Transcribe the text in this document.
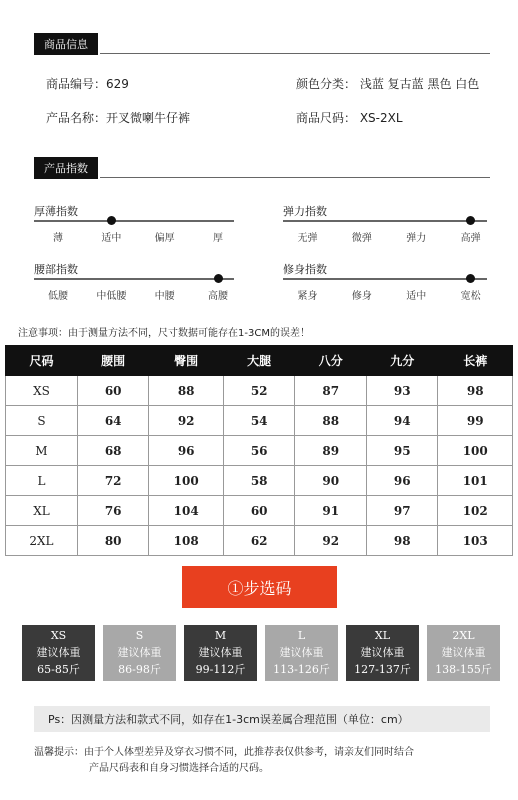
商品信息
商品编号：629	颜色分类： 浅蓝 复古蓝 黑色 白色
产品名称：开叉微喇牛仔裤	商品尺码： XS-2XL
产品指数
厚薄指数
薄	适中	偏厚	厚
弹力指数
无弹	微弹	弹力	高弹
腰部指数
低腰	中低腰	中腰	高腰
修身指数
紧身	修身	适中	宽松
注意事项：由于测量方法不同，尺寸数据可能存在1-3CM的误差！
尺码	腰围	臀围	大腿	八分	九分	长裤
XS	60	88	52	87	93	98
S	64	92	54	88	94	99
M	68	96	56	89	95	100
L	72	100	58	90	96	101
XL	76	104	60	91	97	102
2XL	80	108	62	92	98	103
①步选码
XS
建议体重
65-85斤
S
建议体重
86-98斤
M
建议体重
99-112斤
L
建议体重
113-126斤
XL
建议体重
127-137斤
2XL
建议体重
138-155斤
Ps：因测量方法和款式不同，如存在1-3cm误差属合理范围（单位：cm）
温馨提示：由于个人体型差异及穿衣习惯不同，此推荐表仅供参考，请亲友们同时结合
产品尺码表和自身习惯选择合适的尺码。
